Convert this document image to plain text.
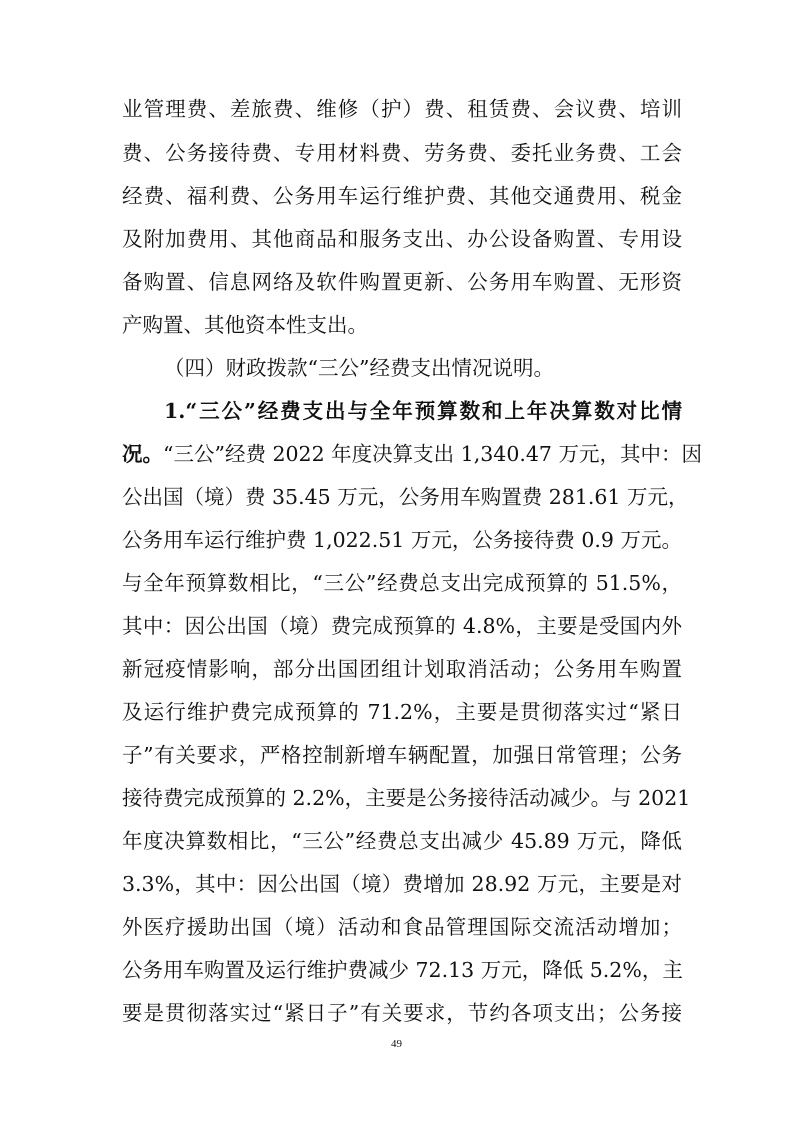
业管理费、差旅费、维修（护）费、租赁费、会议费、培训
费、公务接待费、专用材料费、劳务费、委托业务费、工会
经费、福利费、公务用车运行维护费、其他交通费用、税金
及附加费用、其他商品和服务支出、办公设备购置、专用设
备购置、信息网络及软件购置更新、公务用车购置、无形资
产购置、其他资本性支出。
（四）财政拨款“三公”经费支出情况说明。
1.“三公”经费支出与全年预算数和上年决算数对比情
况。“三公”经费 2022 年度决算支出 1,340.47 万元，其中：因
公出国（境）费 35.45 万元，公务用车购置费 281.61 万元，
公务用车运行维护费 1,022.51 万元，公务接待费 0.9 万元。
与全年预算数相比，“三公”经费总支出完成预算的 51.5%，
其中：因公出国（境）费完成预算的 4.8%，主要是受国内外
新冠疫情影响，部分出国团组计划取消活动；公务用车购置
及运行维护费完成预算的 71.2%，主要是贯彻落实过“紧日
子”有关要求，严格控制新增车辆配置，加强日常管理；公务
接待费完成预算的 2.2%，主要是公务接待活动减少。与 2021
年度决算数相比，“三公”经费总支出减少 45.89 万元，降低
3.3%，其中：因公出国（境）费增加 28.92 万元，主要是对
外医疗援助出国（境）活动和食品管理国际交流活动增加；
公务用车购置及运行维护费减少 72.13 万元，降低 5.2%，主
要是贯彻落实过“紧日子”有关要求，节约各项支出；公务接
49
